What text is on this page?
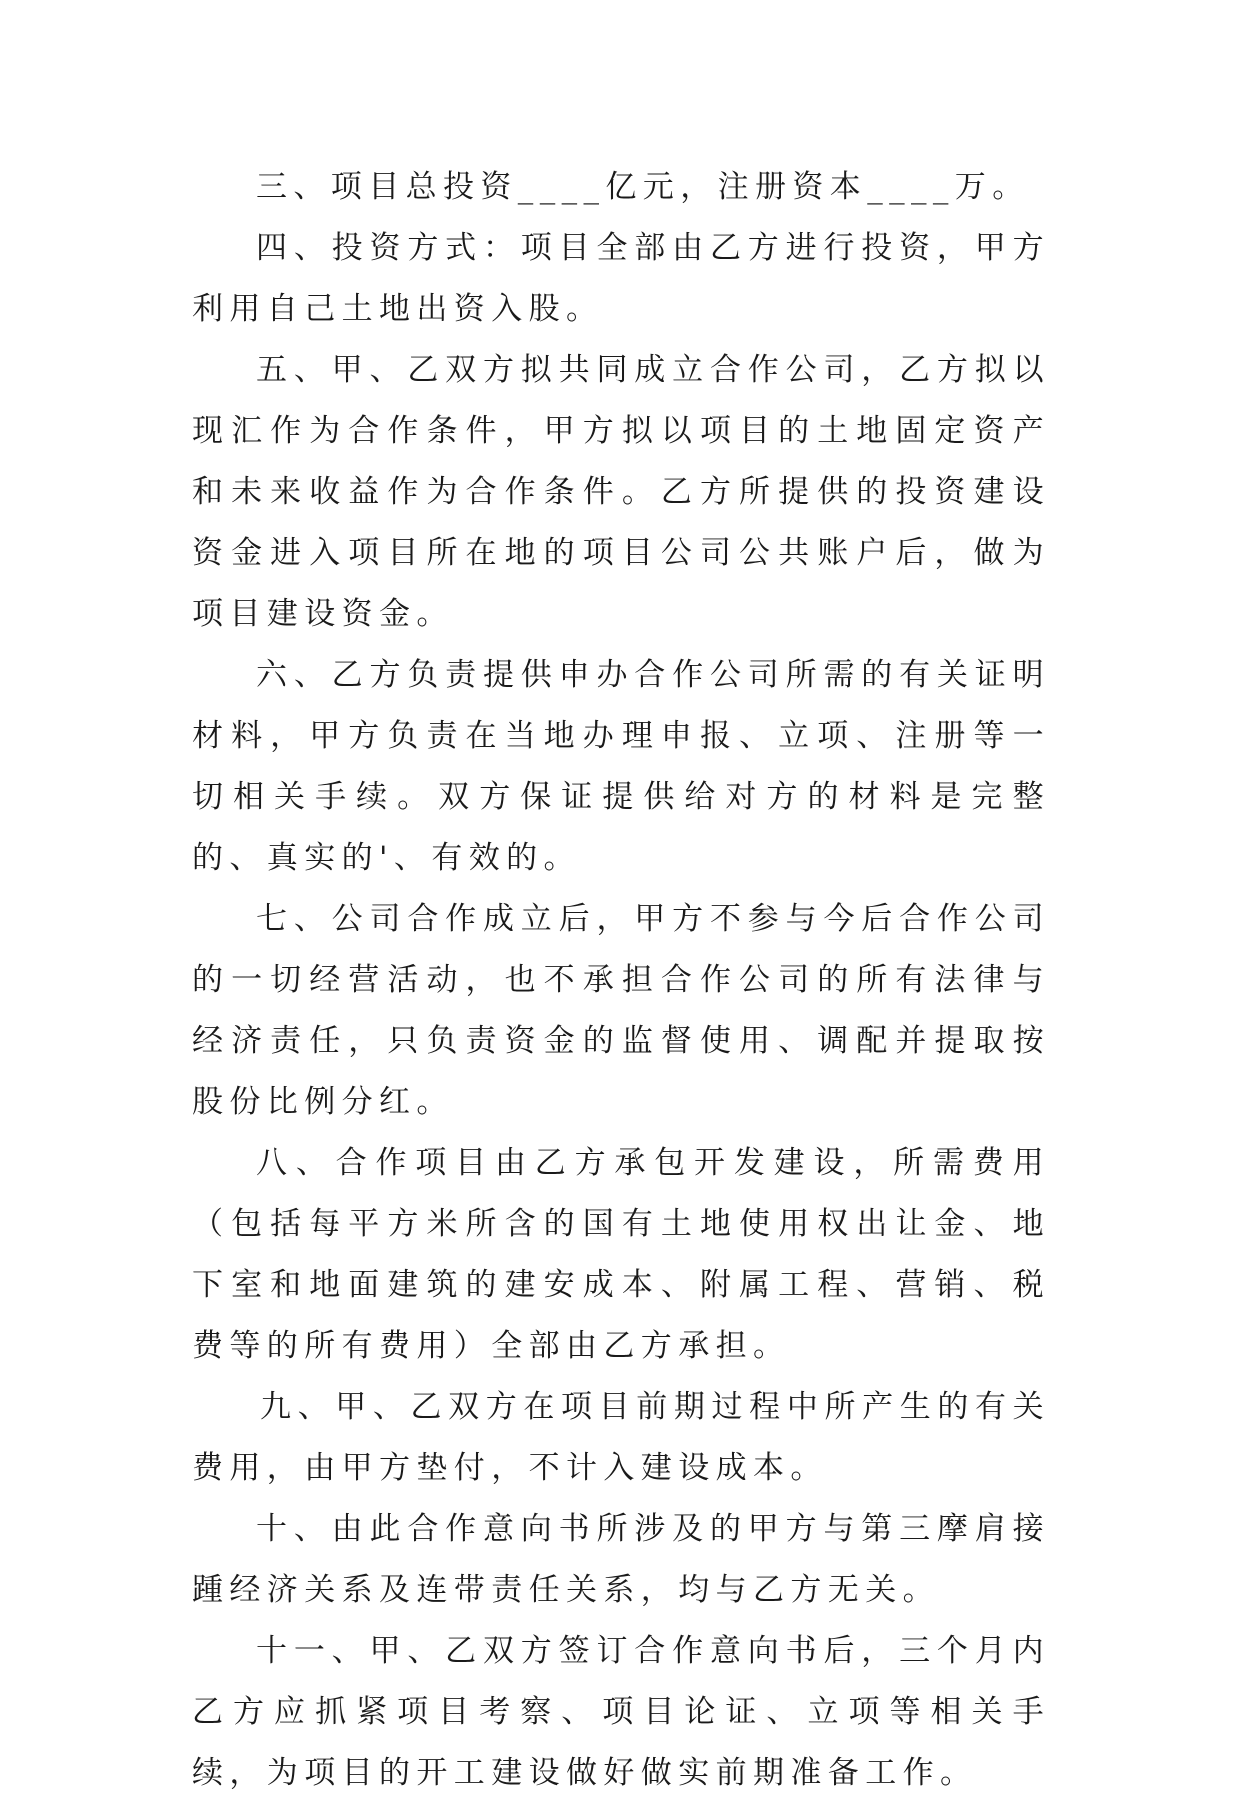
三、项目总投资____亿元，注册资本____万。

四、投资方式：项目全部由乙方进行投资，甲方利用自己土地出资入股。

五、甲、乙双方拟共同成立合作公司，乙方拟以现汇作为合作条件，甲方拟以项目的土地固定资产和未来收益作为合作条件。乙方所提供的投资建设资金进入项目所在地的项目公司公共账户后，做为项目建设资金。

六、乙方负责提供申办合作公司所需的有关证明材料，甲方负责在当地办理申报、立项、注册等一切相关手续。双方保证提供给对方的材料是完整的、真实的'、有效的。

七、公司合作成立后，甲方不参与今后合作公司的一切经营活动，也不承担合作公司的所有法律与经济责任，只负责资金的监督使用、调配并提取按股份比例分红。

八、合作项目由乙方承包开发建设，所需费用（包括每平方米所含的国有土地使用权出让金、地下室和地面建筑的建安成本、附属工程、营销、税费等的所有费用）全部由乙方承担。

九、甲、乙双方在项目前期过程中所产生的有关费用，由甲方垫付，不计入建设成本。

十、由此合作意向书所涉及的甲方与第三摩肩接踵经济关系及连带责任关系，均与乙方无关。

十一、甲、乙双方签订合作意向书后，三个月内乙方应抓紧项目考察、项目论证、立项等相关手续，为项目的开工建设做好做实前期准备工作。
